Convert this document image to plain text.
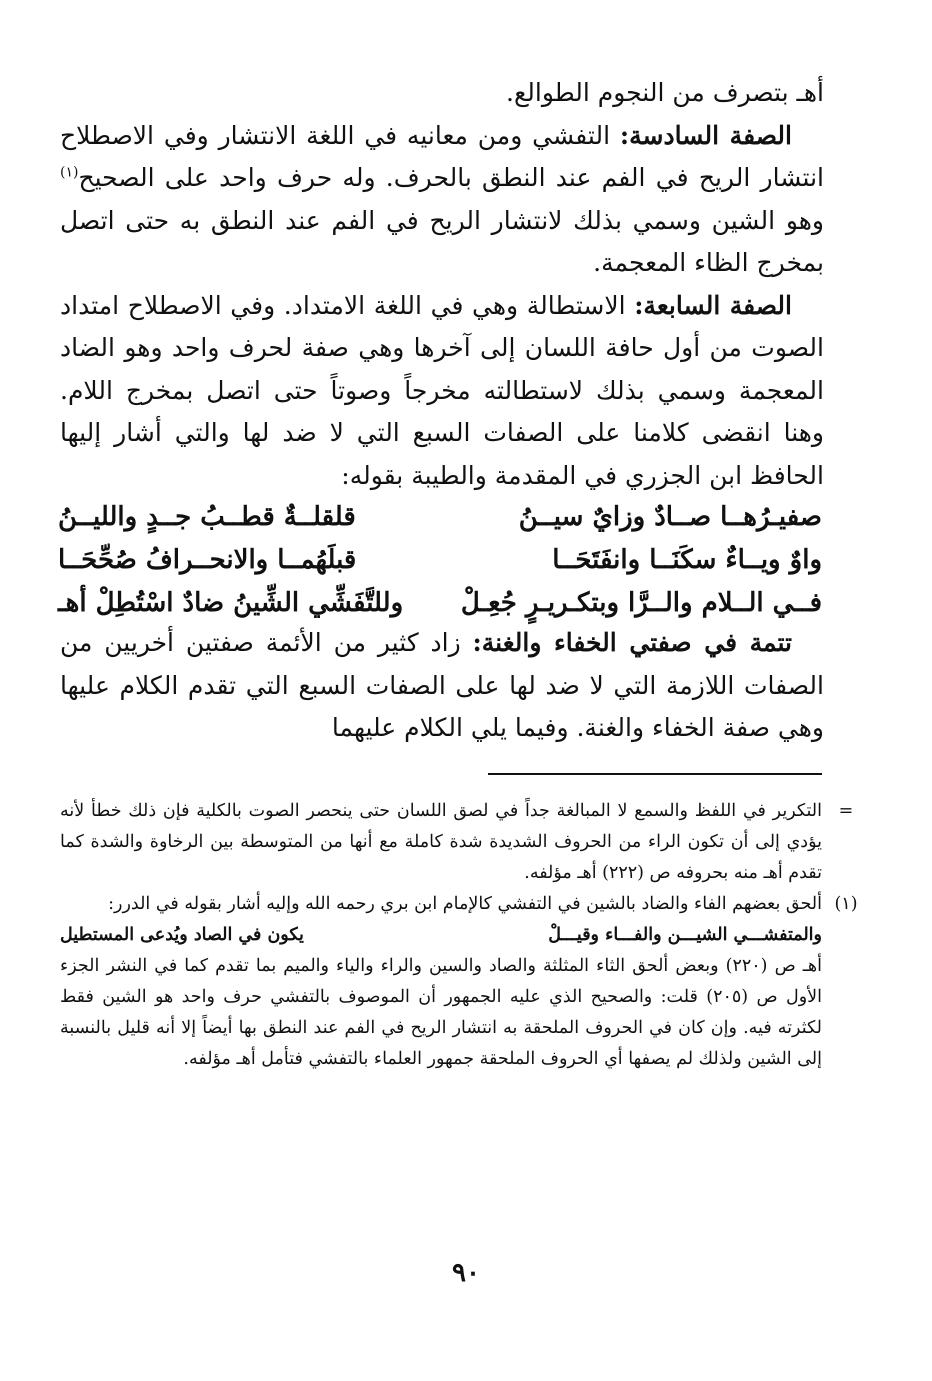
أهـ بتصرف من النجوم الطوالع.

الصفة السادسة: التفشي ومن معانيه في اللغة الانتشار وفي الاصطلاح انتشار الريح في الفم عند النطق بالحرف. وله حرف واحد على الصحيح$^{(١)}$ وهو الشين وسمي بذلك لانتشار الريح في الفم عند النطق به حتى اتصل بمخرج الظاء المعجمة.

الصفة السابعة: الاستطالة وهي في اللغة الامتداد. وفي الاصطلاح امتداد الصوت من أول حافة اللسان إلى آخرها وهي صفة لحرف واحد وهو الضاد المعجمة وسمي بذلك لاستطالته مخرجاً وصوتاً حتى اتصل بمخرج اللام. وهنا انقضى كلامنا على الصفات السبع التي لا ضد لها والتي أشار إليها الحافظ ابن الجزري في المقدمة والطيبة بقوله:

صفيـرُهــا صــادٌ وزايٌ سيــنُ
قلقلــةٌ قطــبُ جــدٍ والليــنُ
واوٌ ويــاءٌ سكَنَــا وانفَتَحَــا
قبلَهُمــا والانحــرافُ صُحِّحَــا
فــي الــلام والــرَّا وبتكـريـرٍ جُعِـلْ
وللتَّفَشِّي الشِّينُ ضادٌ اسْتُطِلْ أهـ

تتمة في صفتي الخفاء والغنة: زاد كثير من الأئمة صفتين أخريين من الصفات اللازمة التي لا ضد لها على الصفات السبع التي تقدم الكلام عليها وهي صفة الخفاء والغنة. وفيما يلي الكلام عليهما

=
التكرير في اللفظ والسمع لا المبالغة جداً في لصق اللسان حتى ينحصر الصوت بالكلية فإن ذلك خطأ لأنه يؤدي إلى أن تكون الراء من الحروف الشديدة شدة كاملة مع أنها من المتوسطة بين الرخاوة والشدة كما تقدم أهـ منه بحروفه ص (٢٢٢) أهـ مؤلفه.
(١)
ألحق بعضهم الفاء والضاد بالشين في التفشي كالإمام ابن بري رحمه الله وإليه أشار بقوله في الدرر:
والمتفشـــي الشيـــن والفـــاء وقيـــلْ
يكون في الصاد ويُدعى المستطيل
أهـ ص (٢٢٠) وبعض ألحق الثاء المثلثة والصاد والسين والراء والياء والميم بما تقدم كما في النشر الجزء الأول ص (٢٠٥) قلت: والصحيح الذي عليه الجمهور أن الموصوف بالتفشي حرف واحد هو الشين فقط لكثرته فيه. وإن كان في الحروف الملحقة به انتشار الريح في الفم عند النطق بها أيضاً إلا أنه قليل بالنسبة إلى الشين ولذلك لم يصفها أي الحروف الملحقة جمهور العلماء بالتفشي فتأمل أهـ مؤلفه.
٩٠
